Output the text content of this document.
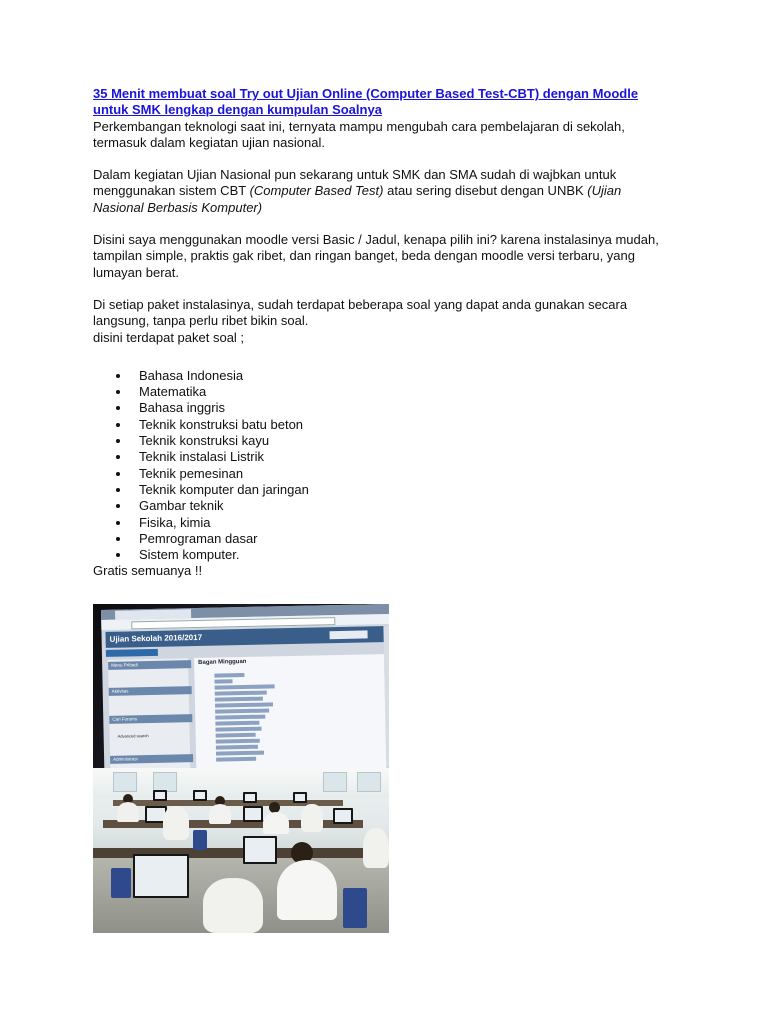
35 Menit membuat soal Try out Ujian Online (Computer Based Test-CBT) dengan Moodle untuk SMK lengkap dengan kumpulan Soalnya

Perkembangan teknologi saat ini, ternyata mampu mengubah cara pembelajaran di sekolah, termasuk dalam kegiatan ujian nasional.

Dalam kegiatan Ujian Nasional pun sekarang untuk SMK dan SMA sudah di wajbkan untuk menggunakan sistem CBT (Computer Based Test) atau sering disebut dengan UNBK (Ujian Nasional Berbasis Komputer)

Disini saya menggunakan moodle versi Basic / Jadul, kenapa pilih ini? karena instalasinya mudah, tampilan simple, praktis gak ribet, dan ringan banget, beda dengan moodle versi terbaru, yang lumayan berat.

Di setiap paket instalasinya, sudah terdapat beberapa soal yang dapat anda gunakan secara langsung, tanpa perlu ribet bikin soal.

disini terdapat paket soal ;

Bahasa Indonesia
Matematika
Bahasa inggris
Teknik konstruksi batu beton
Teknik konstruksi kayu
Teknik instalasi Listrik
Teknik pemesinan
Teknik komputer dan jaringan
Gambar teknik
Fisika, kimia
Pemrograman dasar
Sistem komputer.

Gratis semuanya !!

Ujian Sekolah 2016/2017
Menu Pribadi
Aktivitas
Cari Forums
Advanced search
Administrasi
Bagan Mingguan
